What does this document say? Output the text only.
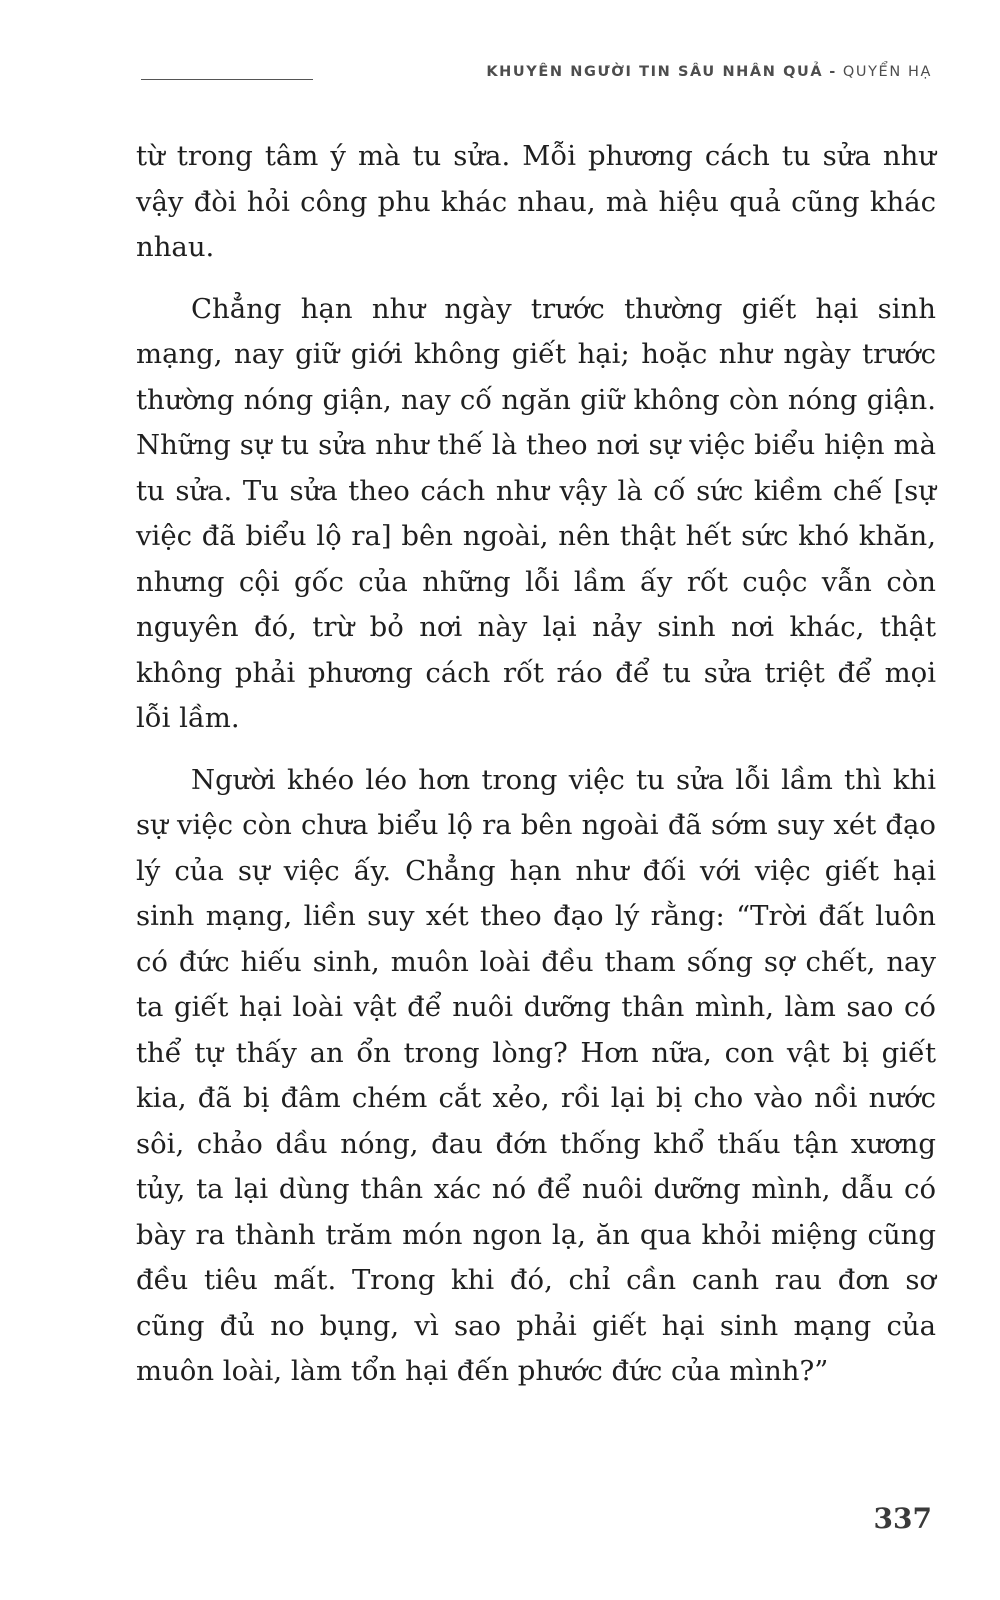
KHUYÊN NGƯỜI TIN SÂU NHÂN QUẢ - QUYỂN HẠ

từ trong tâm ý mà tu sửa. Mỗi phương cách tu sửa như vậy đòi hỏi công phu khác nhau, mà hiệu quả cũng khác nhau.

Chẳng hạn như ngày trước thường giết hại sinh mạng, nay giữ giới không giết hại; hoặc như ngày trước thường nóng giận, nay cố ngăn giữ không còn nóng giận. Những sự tu sửa như thế là theo nơi sự việc biểu hiện mà tu sửa. Tu sửa theo cách như vậy là cố sức kiềm chế [sự việc đã biểu lộ ra] bên ngoài, nên thật hết sức khó khăn, nhưng cội gốc của những lỗi lầm ấy rốt cuộc vẫn còn nguyên đó, trừ bỏ nơi này lại nảy sinh nơi khác, thật không phải phương cách rốt ráo để tu sửa triệt để mọi lỗi lầm.

Người khéo léo hơn trong việc tu sửa lỗi lầm thì khi sự việc còn chưa biểu lộ ra bên ngoài đã sớm suy xét đạo lý của sự việc ấy. Chẳng hạn như đối với việc giết hại sinh mạng, liền suy xét theo đạo lý rằng: “Trời đất luôn có đức hiếu sinh, muôn loài đều tham sống sợ chết, nay ta giết hại loài vật để nuôi dưỡng thân mình, làm sao có thể tự thấy an ổn trong lòng? Hơn nữa, con vật bị giết kia, đã bị đâm chém cắt xẻo, rồi lại bị cho vào nồi nước sôi, chảo dầu nóng, đau đớn thống khổ thấu tận xương tủy, ta lại dùng thân xác nó để nuôi dưỡng mình, dẫu có bày ra thành trăm món ngon lạ, ăn qua khỏi miệng cũng đều tiêu mất. Trong khi đó, chỉ cần canh rau đơn sơ cũng đủ no bụng, vì sao phải giết hại sinh mạng của muôn loài, làm tổn hại đến phước đức của mình?”

337
